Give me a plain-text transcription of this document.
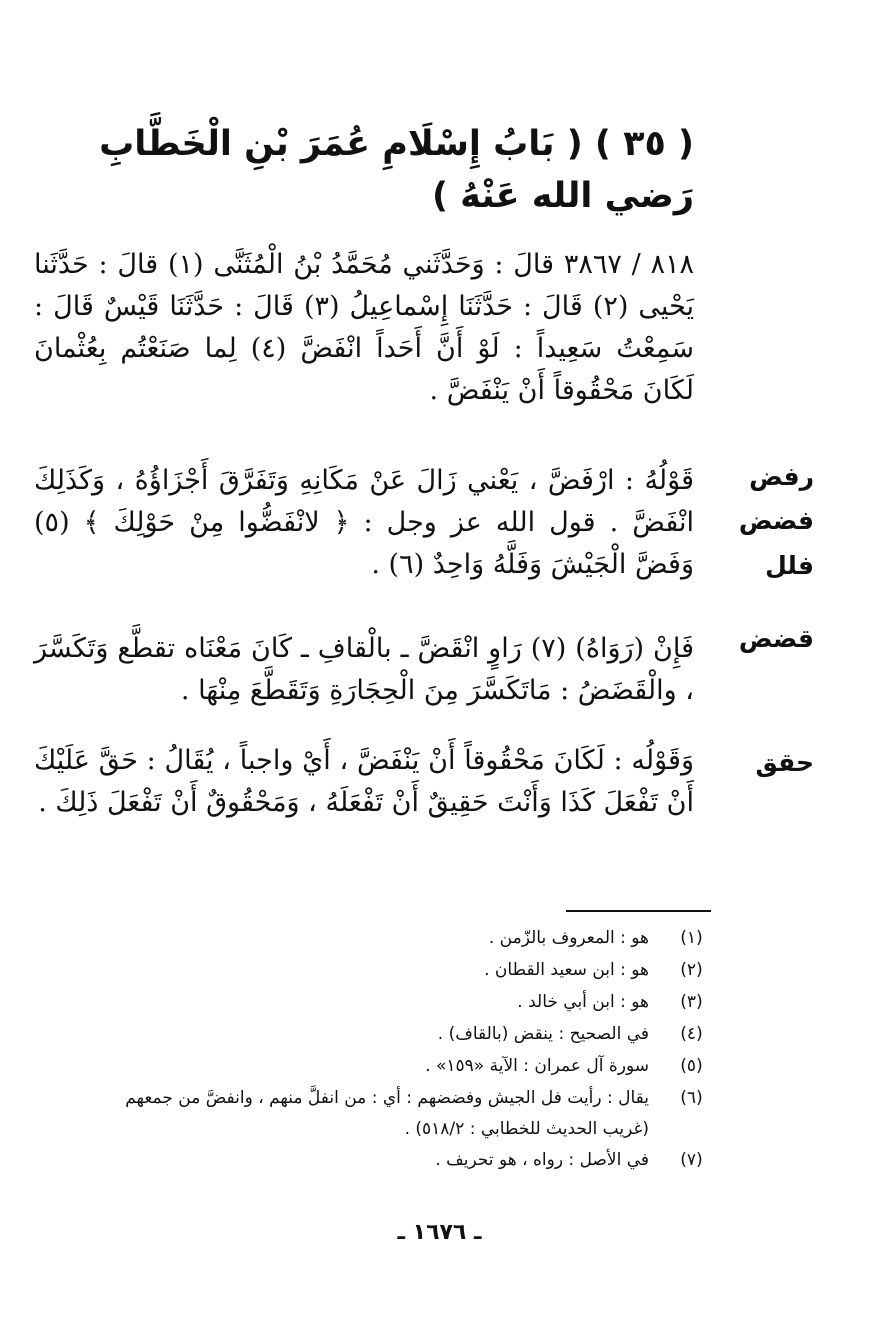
( ٣٥ ) ( بَابُ إِسْلَامِ عُمَرَ بْنِ الْخَطَّابِ رَضي الله عَنْهُ )
٨١٨ / ٣٨٦٧ قالَ : وَحَدَّثَني مُحَمَّدُ بْنُ الْمُثَنَّى (١) قالَ : حَدَّثَنا يَحْيى (٢) قَالَ : حَدَّثَنَا إِسْماعِيلُ (٣) قَالَ : حَدَّثَنَا قَيْسٌ قَالَ : سَمِعْتُ سَعِيداً : لَوْ أَنَّ أَحَداً انْفَضَّ (٤) لِما صَنَعْتُم بِعُثْمانَ لَكَانَ مَحْقُوقاً أَنْ يَنْفَضَّ .
قَوْلُهُ : ارْفَضَّ ، يَعْني زَالَ عَنْ مَكَانِهِ وَتَفَرَّقَ أَجْزَاؤُهُ ، وَكَذَلِكَ انْفَضَّ . قول الله عز وجل : ﴿ لانْفَضُّوا مِنْ حَوْلِكَ ﴾ (٥) وَفَضَّ الْجَيْشَ وَفَلَّهُ وَاحِدٌ (٦) .
رفض
فضض
فلل
فَإِنْ (رَوَاهُ) (٧) رَاوٍ انْقَضَّ ـ بالْقافِ ـ كَانَ مَعْنَاه تقطَّع وَتَكَسَّرَ ، والْقَضَضُ : مَاتَكَسَّرَ مِنَ الْحِجَارَةِ وَتَقَطَّعَ مِنْهَا .
قضض
وَقَوْلُه : لَكَانَ مَحْقُوقاً أَنْ يَنْفَضَّ ، أَيْ واجباً ، يُقَالُ : حَقَّ عَلَيْكَ أَنْ تَفْعَلَ كَذَا وَأَنْتَ حَقِيقٌ أَنْ تَفْعَلَهُ ، وَمَحْقُوقٌ أَنْ تَفْعَلَ ذَلِكَ .
حقق
(١)
هو : المعروف بالزّمن .
(٢)
هو : ابن سعيد القطان .
(٣)
هو : ابن أبي خالد .
(٤)
في الصحيح : ينقض (بالقاف) .
(٥)
سورة آل عمران : الآية «١٥٩» .
(٦)
يقال : رأيت فل الجيش وفضضهم : أي : من انفلَّ منهم ، وانفضَّ من جمعهم
(غريب الحديث للخطابي : ٥١٨/٢) .
(٧)
في الأصل : رواه ، هو تحريف .
ـ ١٦٧٦ ـ
